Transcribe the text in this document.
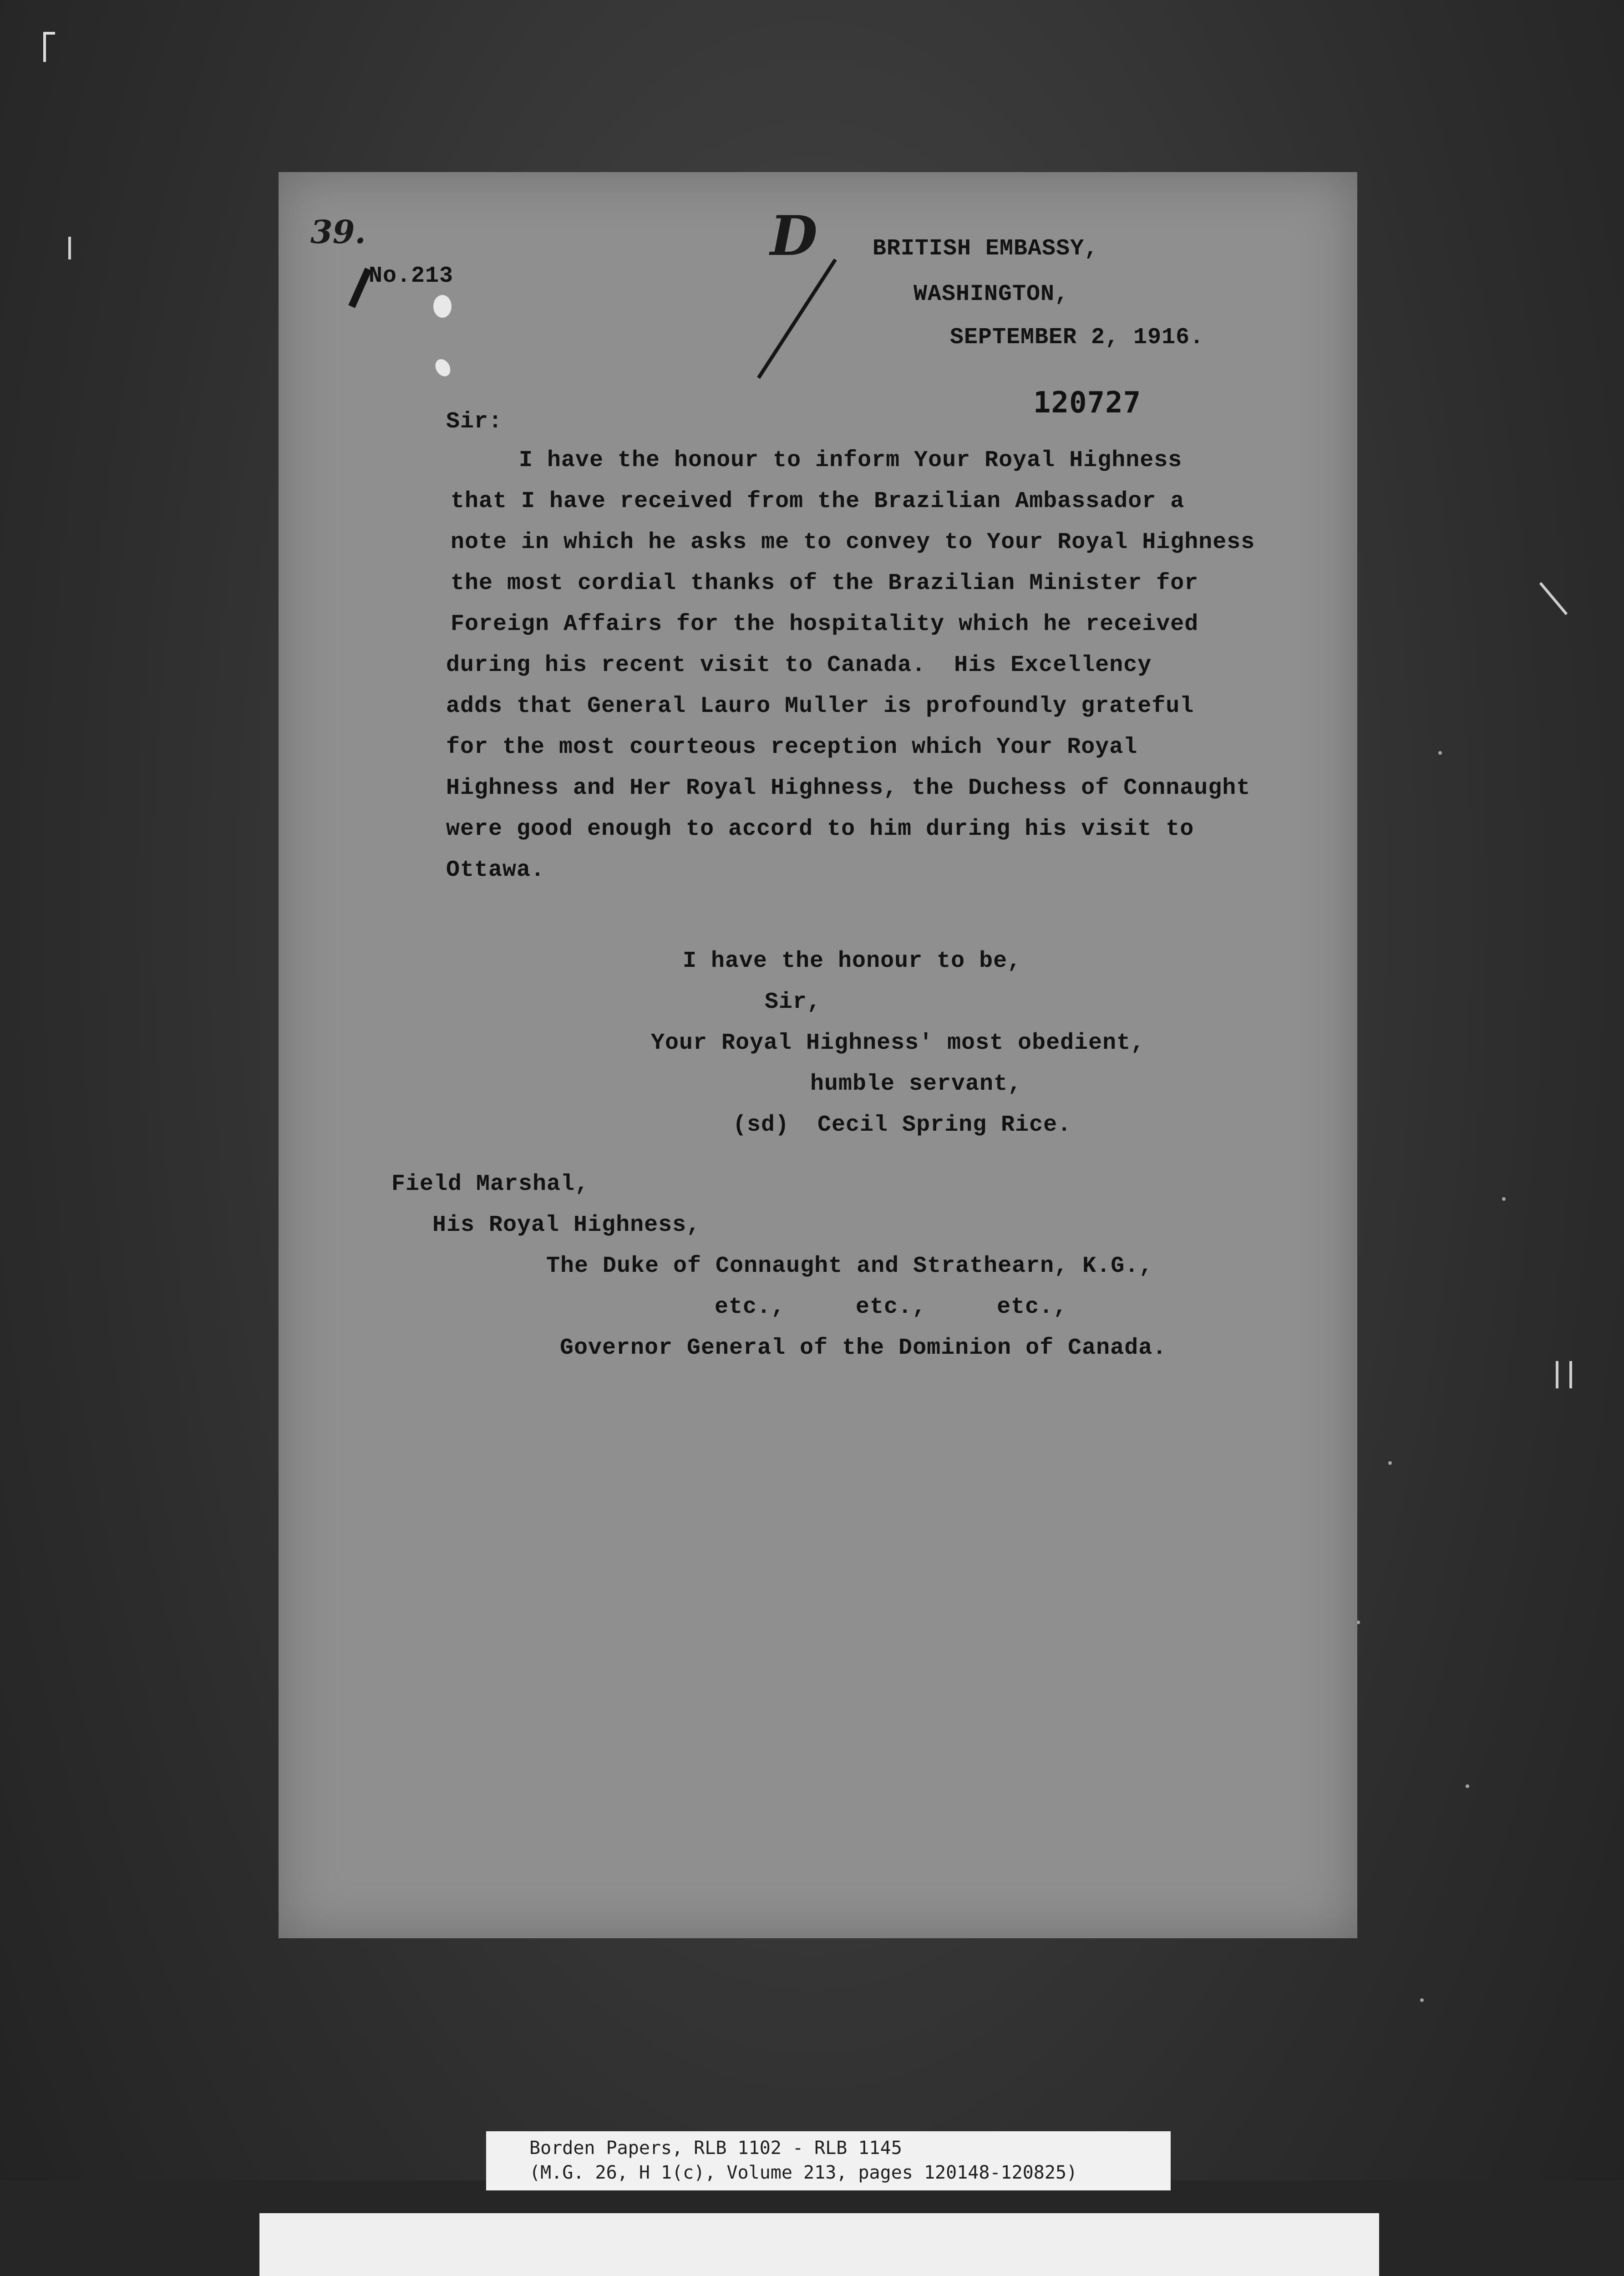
39.
No.213
D BRITISH EMBASSY,
WASHINGTON,
SEPTEMBER 2, 1916.
120727
Sir:
I have the honour to inform Your Royal Highness
that I have received from the Brazilian Ambassador a
note in which he asks me to convey to Your Royal Highness
the most cordial thanks of the Brazilian Minister for
Foreign Affairs for the hospitality which he received
during his recent visit to Canada.  His Excellency
adds that General Lauro Muller is profoundly grateful
for the most courteous reception which Your Royal
Highness and Her Royal Highness, the Duchess of Connaught
were good enough to accord to him during his visit to
Ottawa.
I have the honour to be,
Sir,
Your Royal Highness' most obedient,
humble servant,
(sd)  Cecil Spring Rice.
Field Marshal,
His Royal Highness,
The Duke of Connaught and Strathearn, K.G.,
etc.,     etc.,     etc.,
Governor General of the Dominion of Canada.
Borden Papers, RLB 1102 - RLB 1145
(M.G. 26, H 1(c), Volume 213, pages 120148-120825)
